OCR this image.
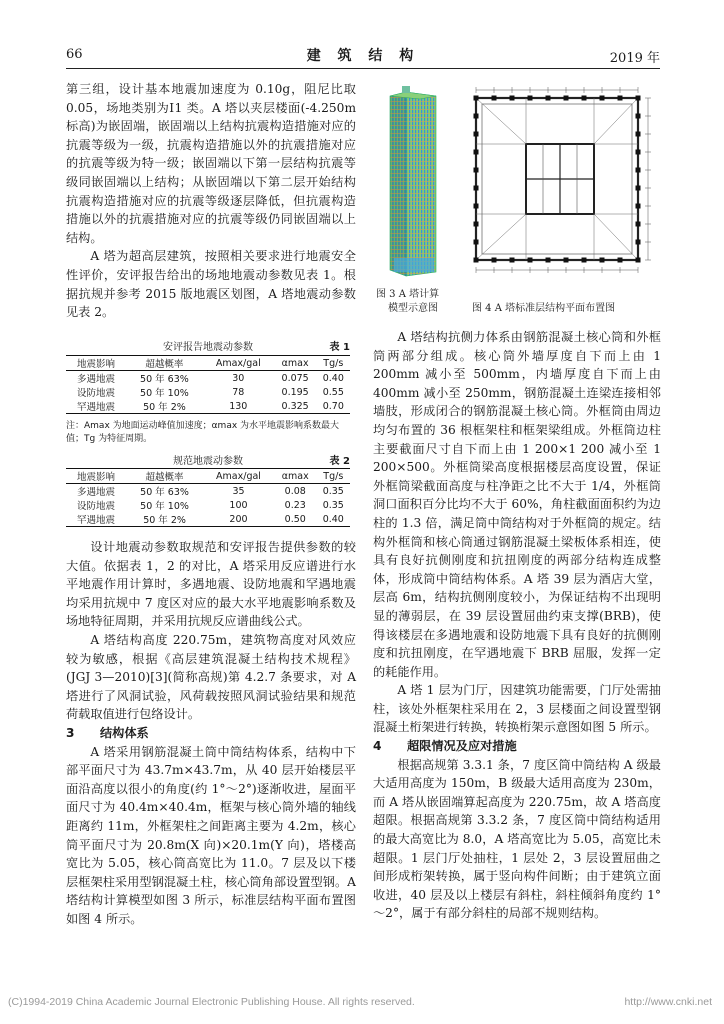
66	建 筑 结 构	2019 年

第三组，设计基本地震加速度为 0.10g，阻尼比取 0.05，场地类别为Ⅰ1 类。A 塔以夹层楼面(-4.250m 标高)为嵌固端，嵌固端以上结构抗震构造措施对应的抗震等级为一级，抗震构造措施以外的抗震措施对应的抗震等级为特一级；嵌固端以下第一层结构抗震等级同嵌固端以上结构；从嵌固端以下第二层开始结构抗震构造措施对应的抗震等级逐层降低，但抗震构造措施以外的抗震措施对应的抗震等级仍同嵌固端以上结构。

A 塔为超高层建筑，按照相关要求进行地震安全性评价，安评报告给出的场地地震动参数见表 1。根据抗规并参考 2015 版地震区划图，A 塔地震动参数见表 2。

安评报告地震动参数	表 1
地震影响	超越概率	Amax/gal	αmax	Tg/s
多遇地震	50 年 63%	30	0.075	0.40
设防地震	50 年 10%	78	0.195	0.55
罕遇地震	50 年 2%	130	0.325	0.70
注：Amax 为地面运动峰值加速度；αmax 为水平地震影响系数最大值；Tg 为特征周期。
规范地震动参数	表 2
地震影响	超越概率	Amax/gal	αmax	Tg/s
多遇地震	50 年 63%	35	0.08	0.35
设防地震	50 年 10%	100	0.23	0.35
罕遇地震	50 年 2%	200	0.50	0.40

设计地震动参数取规范和安评报告提供参数的较大值。依据表 1，2 的对比，A 塔采用反应谱进行水平地震作用计算时，多遇地震、设防地震和罕遇地震均采用抗规中 7 度区对应的最大水平地震影响系数及场地特征周期，并采用抗规反应谱曲线公式。

A 塔结构高度 220.75m，建筑物高度对风效应较为敏感，根据《高层建筑混凝土结构技术规程》(JGJ 3—2010)[3](简称高规)第 4.2.7 条要求，对 A 塔进行了风洞试验，风荷载按照风洞试验结果和规范荷载取值进行包络设计。

3 结构体系

A 塔采用钢筋混凝土筒中筒结构体系，结构中下部平面尺寸为 43.7m×43.7m，从 40 层开始楼层平面沿高度以很小的角度(约 1°～2°)逐渐收进，屋面平面尺寸为 40.4m×40.4m，框架与核心筒外墙的轴线距离约 11m，外框架柱之间距离主要为 4.2m，核心筒平面尺寸为 20.8m(X 向)×20.1m(Y 向)，塔楼高宽比为 5.05，核心筒高宽比为 11.0。7 层及以下楼层框架柱采用型钢混凝土柱，核心筒角部设置型钢。A 塔结构计算模型如图 3 所示，标准层结构平面布置图如图 4 所示。

图 3 A 塔计算
模型示意图	图 4 A 塔标准层结构平面布置图

A 塔结构抗侧力体系由钢筋混凝土核心筒和外框筒两部分组成。核心筒外墙厚度自下而上由 1 200mm 减小至 500mm，内墙厚度自下而上由 400mm 减小至 250mm，钢筋混凝土连梁连接相邻墙肢，形成闭合的钢筋混凝土核心筒。外框筒由周边均匀布置的 36 根框架柱和框架梁组成。外框筒边柱主要截面尺寸自下而上由 1 200×1 200 减小至 1 200×500。外框筒梁高度根据楼层高度设置，保证外框筒梁截面高度与柱净距之比不大于 1/4，外框筒洞口面积百分比均不大于 60%，角柱截面面积约为边柱的 1.3 倍，满足筒中筒结构对于外框筒的规定。结构外框筒和核心筒通过钢筋混凝土梁板体系相连，使具有良好抗侧刚度和抗扭刚度的两部分结构连成整体，形成筒中筒结构体系。A 塔 39 层为酒店大堂，层高 6m，结构抗侧刚度较小，为保证结构不出现明显的薄弱层，在 39 层设置屈曲约束支撑(BRB)，使得该楼层在多遇地震和设防地震下具有良好的抗侧刚度和抗扭刚度，在罕遇地震下 BRB 屈服，发挥一定的耗能作用。

A 塔 1 层为门厅，因建筑功能需要，门厅处需抽柱，该处外框架柱采用在 2，3 层楼面之间设置型钢混凝土桁架进行转换，转换桁架示意图如图 5 所示。

4 超限情况及应对措施

根据高规第 3.3.1 条，7 度区筒中筒结构 A 级最大适用高度为 150m，B 级最大适用高度为 230m，而 A 塔从嵌固端算起高度为 220.75m，故 A 塔高度超限。根据高规第 3.3.2 条，7 度区筒中筒结构适用的最大高宽比为 8.0，A 塔高宽比为 5.05，高宽比未超限。1 层门厅处抽柱，1 层处 2，3 层设置屈曲之间形成桁架转换，属于竖向构件间断；由于建筑立面收进，40 层及以上楼层有斜柱，斜柱倾斜角度约 1°～2°，属于有部分斜柱的局部不规则结构。

(C)1994-2019 China Academic Journal Electronic Publishing House. All rights reserved.	http://www.cnki.net
